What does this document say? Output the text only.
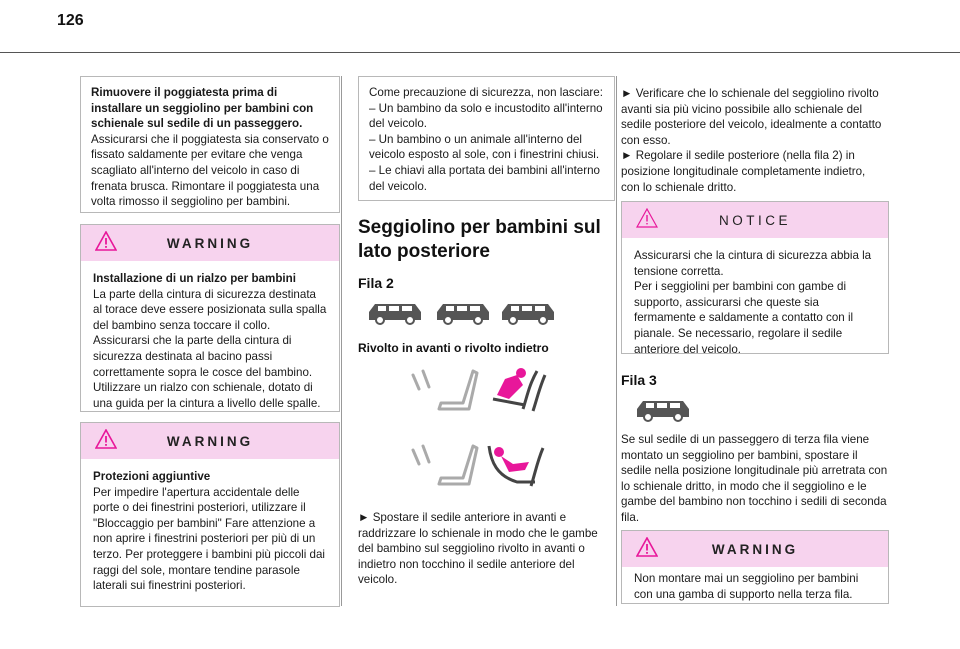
126

Rimuovere il poggiatesta prima di installare un seggiolino per bambini con schienale sul sedile di un passeggero.

Assicurarsi che il poggiatesta sia conservato o fissato saldamente per evitare che venga scagliato all'interno del veicolo in caso di frenata brusca. Rimontare il poggiatesta una volta rimosso il seggiolino per bambini.

WARNING

Installazione di un rialzo per bambini

La parte della cintura di sicurezza destinata al torace deve essere posizionata sulla spalla del bambino senza toccare il collo. Assicurarsi che la parte della cintura di sicurezza destinata al bacino passi correttamente sopra le cosce del bambino. Utilizzare un rialzo con schienale, dotato di una guida per la cintura a livello delle spalle.

WARNING

Protezioni aggiuntive

Per impedire l'apertura accidentale delle porte o dei finestrini posteriori, utilizzare il "Bloccaggio per bambini" Fare attenzione a non aprire i finestrini posteriori per più di un terzo. Per proteggere i bambini più piccoli dai raggi del sole, montare tendine parasole laterali sui finestrini posteriori.

Come precauzione di sicurezza, non lasciare:

– Un bambino da solo e incustodito all'interno del veicolo.

– Un bambino o un animale all'interno del veicolo esposto al sole, con i finestrini chiusi.

– Le chiavi alla portata dei bambini all'interno del veicolo.

Seggiolino per bambini sul lato posteriore
Fila 2
Rivolto in avanti o rivolto indietro
► Spostare il sedile anteriore in avanti e raddrizzare lo schienale in modo che le gambe del bambino sul seggiolino rivolto in avanti o indietro non tocchino il sedile anteriore del veicolo.
► Verificare che lo schienale del seggiolino rivolto avanti sia più vicino possibile allo schienale del sedile posteriore del veicolo, idealmente a contatto con esso.
► Regolare il sedile posteriore (nella fila 2) in posizione longitudinale completamente indietro, con lo schienale dritto.
NOTICE

Assicurarsi che la cintura di sicurezza abbia la tensione corretta.
Per i seggiolini per bambini con gambe di supporto, assicurarsi che queste sia fermamente e saldamente a contatto con il pianale. Se necessario, regolare il sedile anteriore del veicolo.

Fila 3
Se sul sedile di un passeggero di terza fila viene montato un seggiolino per bambini, spostare il sedile nella posizione longitudinale più arretrata con lo schienale dritto, in modo che il seggiolino e le gambe del bambino non tocchino i sedili di seconda fila.
WARNING

Non montare mai un seggiolino per bambini con una gamba di supporto nella terza fila.
